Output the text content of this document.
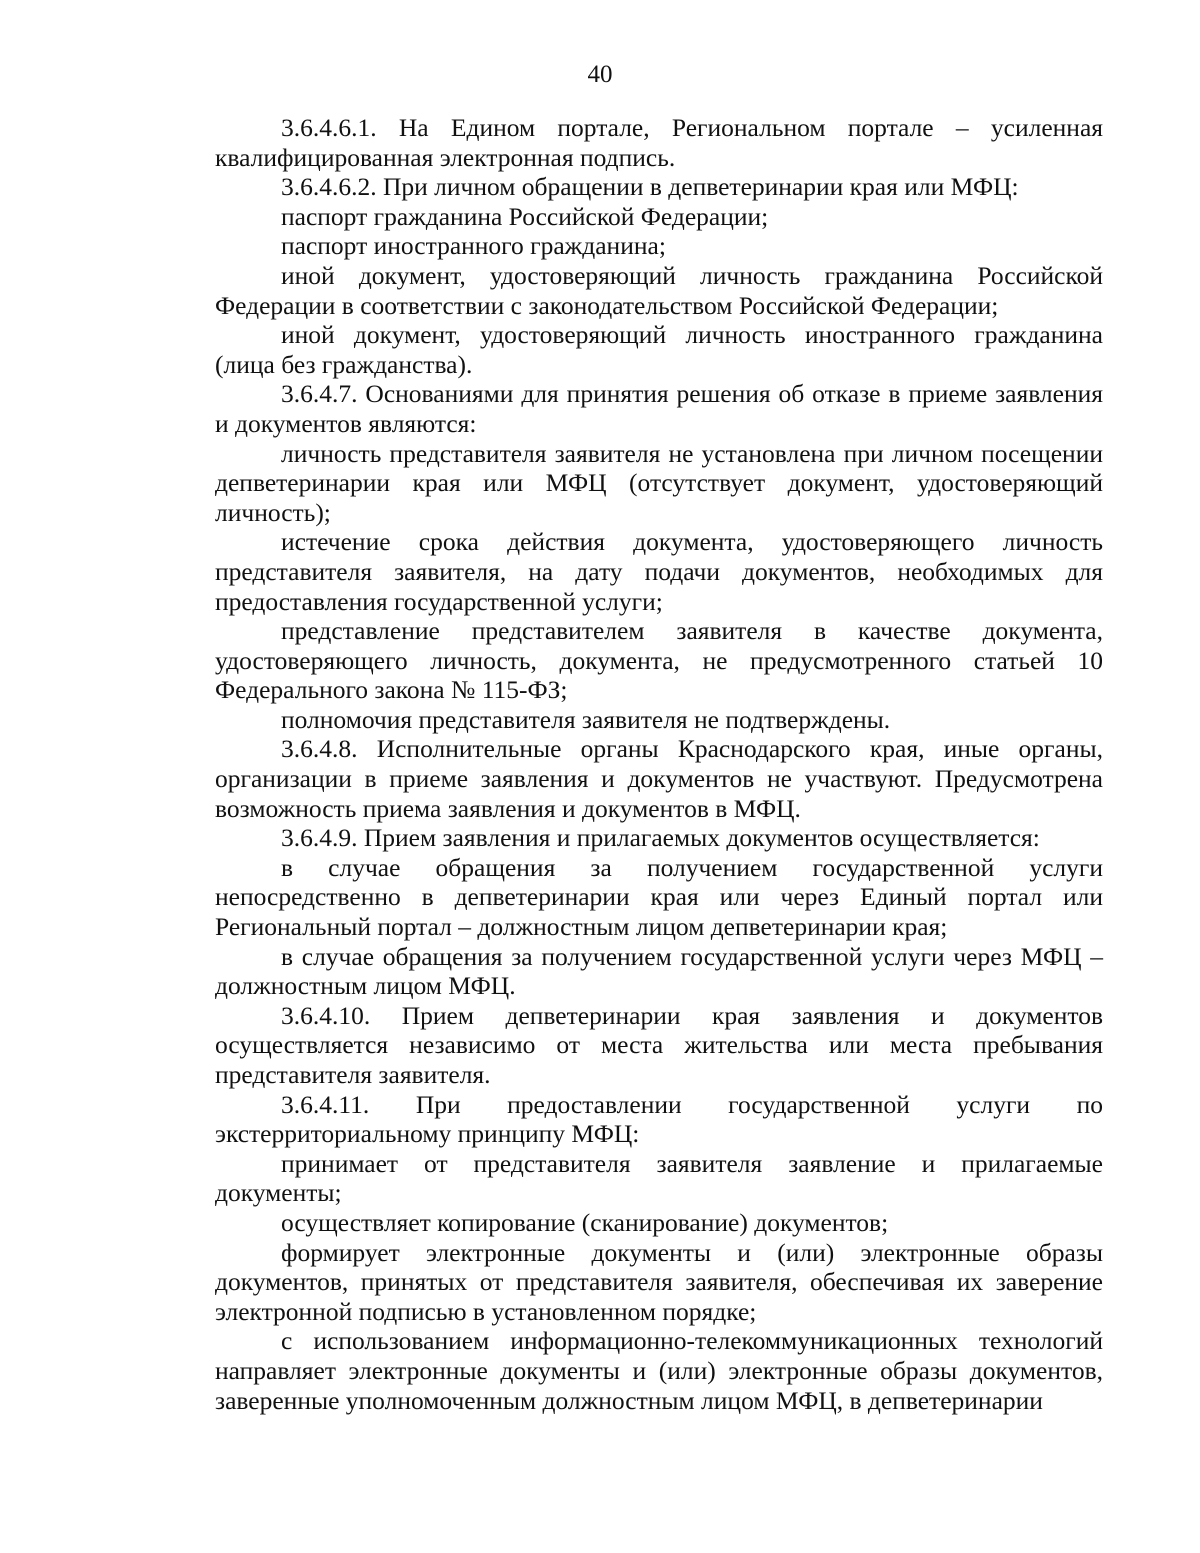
40

3.6.4.6.1. На Едином портале, Региональном портале – усиленная квалифицированная электронная подпись.

3.6.4.6.2. При личном обращении в депветеринарии края или МФЦ:

паспорт гражданина Российской Федерации;

паспорт иностранного гражданина;

иной документ, удостоверяющий личность гражданина Российской Федерации в соответствии с законодательством Российской Федерации;

иной документ, удостоверяющий личность иностранного гражданина (лица без гражданства).

3.6.4.7. Основаниями для принятия решения об отказе в приеме заявления и документов являются:

личность представителя заявителя не установлена при личном посещении депветеринарии края или МФЦ (отсутствует документ, удостоверяющий личность);

истечение срока действия документа, удостоверяющего личность представителя заявителя, на дату подачи документов, необходимых для предоставления государственной услуги;

представление представителем заявителя в качестве документа, удостоверяющего личность, документа, не предусмотренного статьей 10 Федерального закона № 115-ФЗ;

полномочия представителя заявителя не подтверждены.

3.6.4.8. Исполнительные органы Краснодарского края, иные органы, организации в приеме заявления и документов не участвуют. Предусмотрена возможность приема заявления и документов в МФЦ.

3.6.4.9. Прием заявления и прилагаемых документов осуществляется:

в случае обращения за получением государственной услуги непосредственно в депветеринарии края или через Единый портал или Региональный портал – должностным лицом депветеринарии края;

в случае обращения за получением государственной услуги через МФЦ – должностным лицом МФЦ.

3.6.4.10. Прием депветеринарии края заявления и документов осуществляется независимо от места жительства или места пребывания представителя заявителя.

3.6.4.11. При предоставлении государственной услуги по экстерриториальному принципу МФЦ:

принимает от представителя заявителя заявление и прилагаемые документы;

осуществляет копирование (сканирование) документов;

формирует электронные документы и (или) электронные образы документов, принятых от представителя заявителя, обеспечивая их заверение электронной подписью в установленном порядке;

с использованием информационно-телекоммуникационных технологий направляет электронные документы и (или) электронные образы документов, заверенные уполномоченным должностным лицом МФЦ, в депветеринарии
